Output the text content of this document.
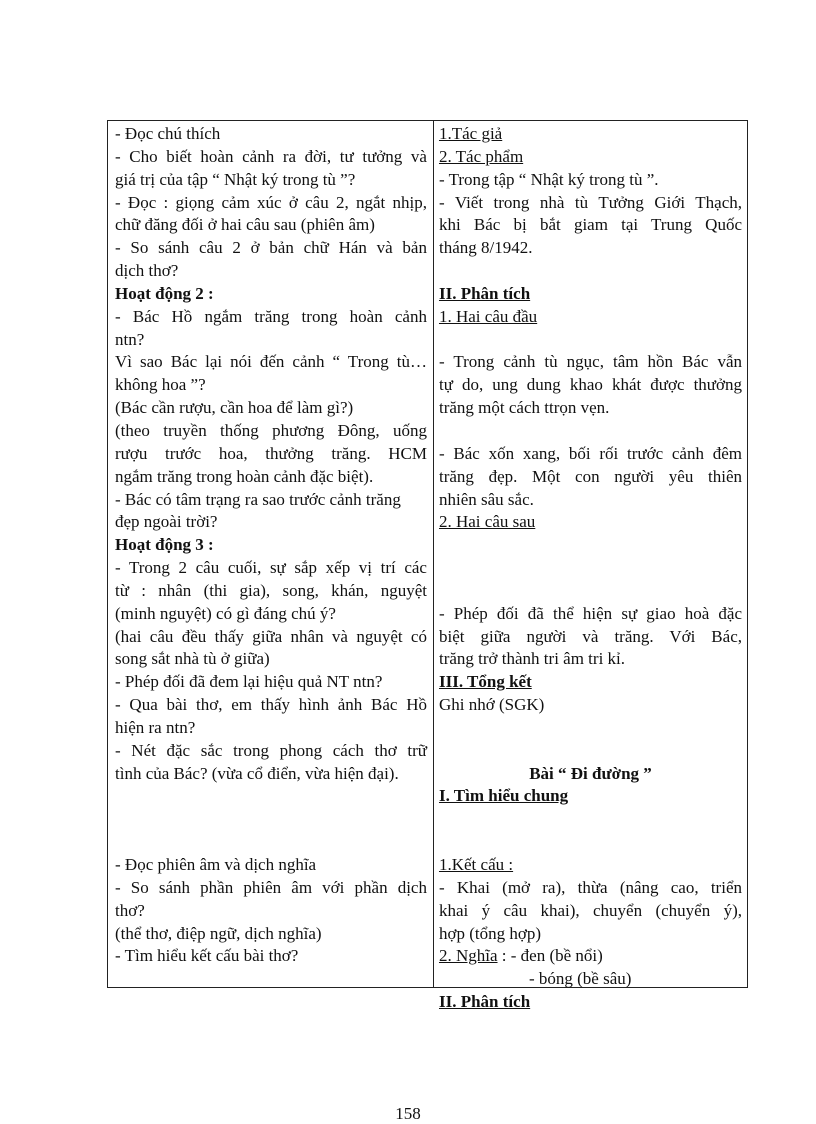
- Đọc chú thích
- Cho biết hoàn cảnh ra đời, tư tưởng và
giá trị của tập “ Nhật ký trong tù ”?
- Đọc : giọng cảm xúc ở câu 2, ngắt nhịp,
chữ đăng đối ở hai câu sau (phiên âm)
- So sánh câu 2 ở bản chữ Hán và bản
dịch thơ?
Hoạt động 2 :
- Bác Hồ ngắm trăng trong hoàn cảnh
ntn?
Vì sao Bác lại nói đến cảnh “ Trong tù…
không hoa ”?
(Bác cần rượu, cần hoa để làm gì?)
(theo truyền thống phương Đông, uống
rượu trước hoa, thưởng trăng. HCM
ngắm trăng trong hoàn cảnh đặc biệt).
- Bác có tâm trạng ra sao trước cảnh trăng
đẹp ngoài trời?
Hoạt động 3 :
- Trong 2 câu cuối, sự sắp xếp vị trí các
từ : nhân (thi gia), song, khán, nguyệt
(minh nguyệt) có gì đáng chú ý?
(hai câu đều thấy giữa nhân và nguyệt có
song sắt nhà tù ở giữa)
- Phép đối đã đem lại hiệu quả NT ntn?
- Qua bài thơ, em thấy hình ảnh Bác Hồ
hiện ra ntn?
- Nét đặc sắc trong phong cách thơ trữ
tình của Bác? (vừa cổ điển, vừa hiện đại).
- Đọc phiên âm và dịch nghĩa
- So sánh phần phiên âm với phần dịch
thơ?
(thể thơ, điệp ngữ, dịch nghĩa)
- Tìm hiểu kết cấu bài thơ?
1.Tác giả
2. Tác phẩm
- Trong tập “ Nhật ký trong tù ”.
- Viết trong nhà tù Tưởng Giới Thạch,
khi Bác bị bắt giam tại Trung Quốc
tháng 8/1942.
II. Phân tích
1. Hai câu đầu
- Trong cảnh tù ngục, tâm hồn Bác vẫn
tự do, ung dung khao khát được thưởng
trăng một cách ttrọn vẹn.
- Bác xốn xang, bối rối trước cảnh đêm
trăng đẹp. Một con người yêu thiên
nhiên sâu sắc.
2. Hai câu sau
- Phép đối đã thể hiện sự giao hoà đặc
biệt giữa người và trăng. Với Bác,
trăng trở thành tri âm tri kỉ.
III. Tổng kết
Ghi nhớ (SGK)
Bài “ Đi đường ”
I. Tìm hiểu chung
1.Kết cấu :
- Khai (mở ra), thừa (nâng cao, triển
khai ý câu khai), chuyển (chuyển ý),
hợp (tổng hợp)
2. Nghĩa : - đen (bề nổi)
- bóng (bề sâu)
II. Phân tích
158
